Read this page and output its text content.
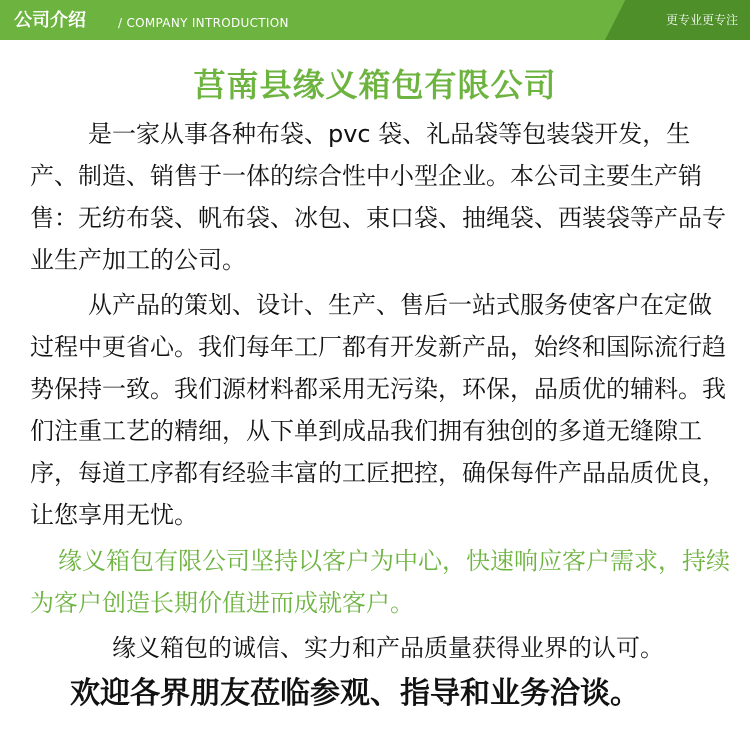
公司介绍	/ COMPANY INTRODUCTION	更专业更专注
莒南县缘义箱包有限公司

是一家从事各种布袋、pvc 袋、礼品袋等包装袋开发，生产、制造、销售于一体的综合性中小型企业。本公司主要生产销售：无纺布袋、帆布袋、冰包、束口袋、抽绳袋、西装袋等产品专业生产加工的公司。

从产品的策划、设计、生产、售后一站式服务使客户在定做过程中更省心。我们每年工厂都有开发新产品，始终和国际流行趋势保持一致。我们源材料都采用无污染，环保，品质优的辅料。我们注重工艺的精细，从下单到成品我们拥有独创的多道无缝隙工序，每道工序都有经验丰富的工匠把控，确保每件产品品质优良，让您享用无忧。

缘义箱包有限公司坚持以客户为中心，快速响应客户需求，持续为客户创造长期价值进而成就客户。

缘义箱包的诚信、实力和产品质量获得业界的认可。

欢迎各界朋友莅临参观、指导和业务洽谈。
